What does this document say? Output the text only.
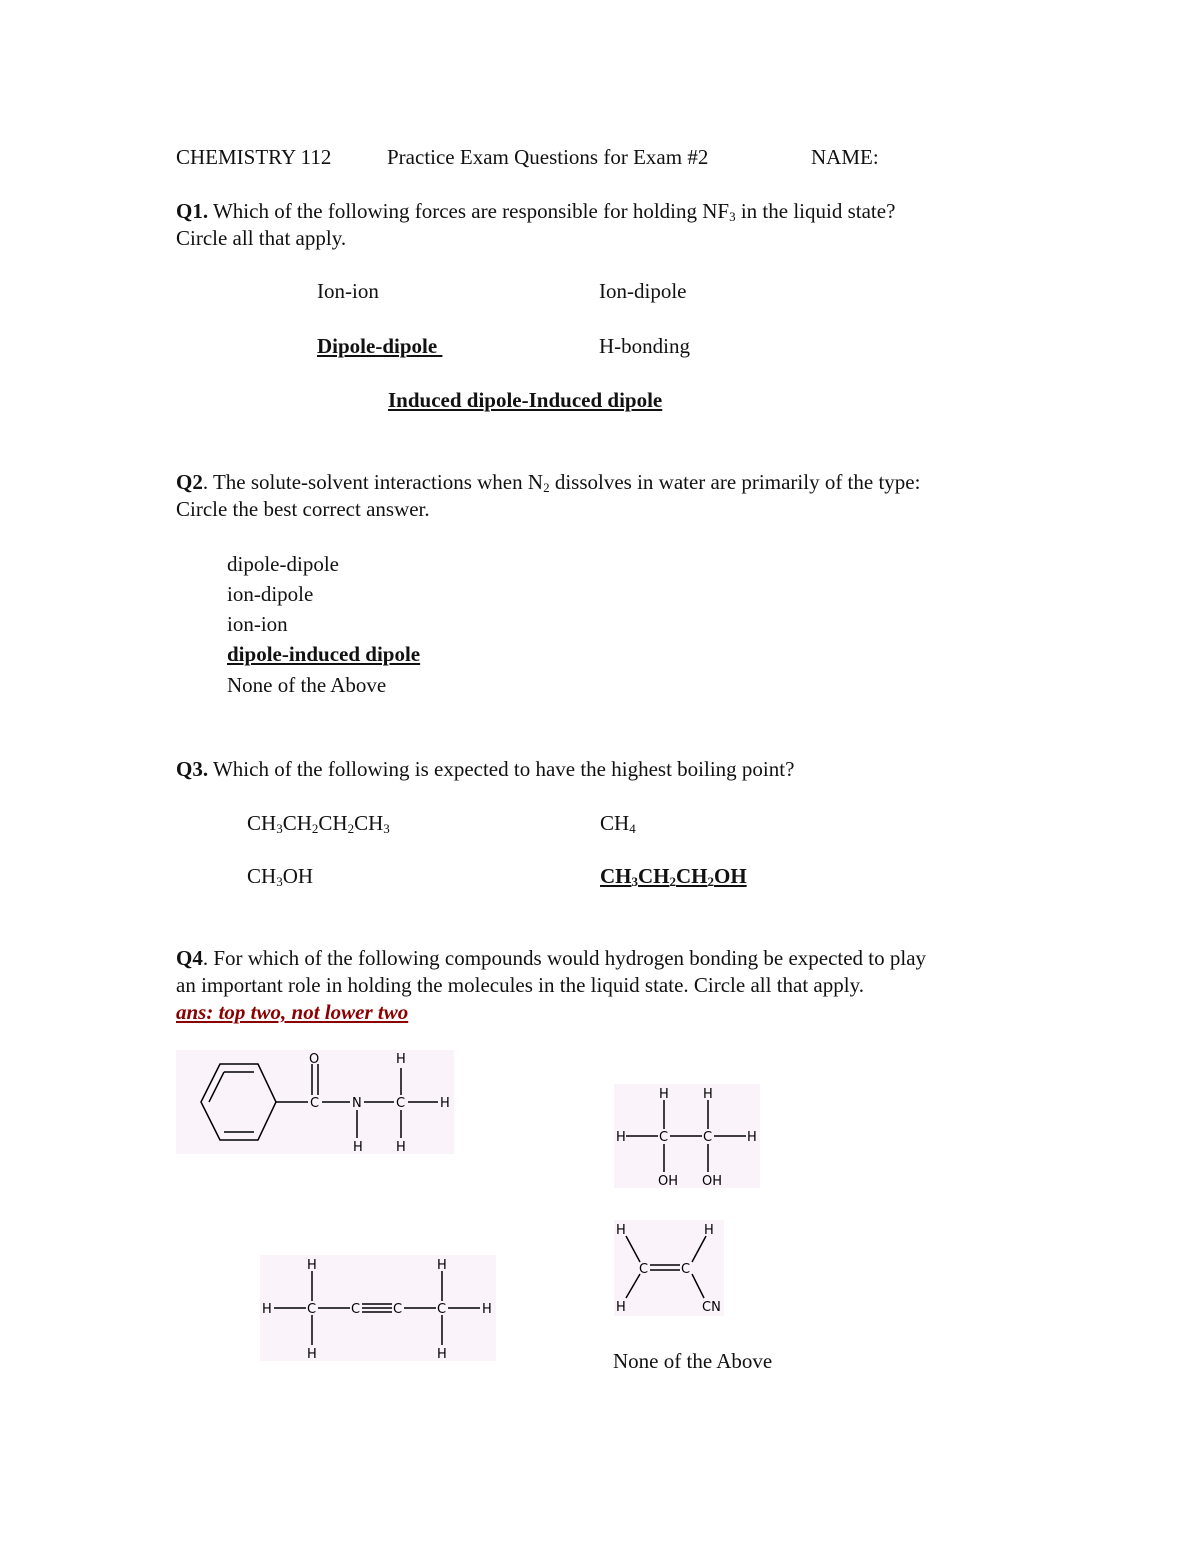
CHEMISTRY 112	Practice Exam Questions for Exam #2	NAME:
Q1. Which of the following forces are responsible for holding $NF_3$ in the liquid state?
Circle all that apply.
Ion-ion	Ion-dipole
Dipole-dipole	H-bonding
Induced dipole-Induced dipole
Q2. The solute-solvent interactions when $N_2$ dissolves in water are primarily of the type:
Circle the best correct answer.
dipole-dipole
ion-dipole
ion-ion
dipole-induced dipole
None of the Above
Q3. Which of the following is expected to have the highest boiling point?
$CH_3CH_2CH_2CH_3$	$CH_4$
$CH_3OH$	$CH_3CH_2CH_2OH$
Q4. For which of the following compounds would hydrogen bonding be expected to play
an important role in holding the molecules in the liquid state. Circle all that apply.
ans: top two, not lower two
O	H
C	N	C	H
H	H
H	H
H	C	C	H
OH OH
H	H
H	C	C	C	C	H
H	H
H	H
C	C
H	CN
None of the Above
